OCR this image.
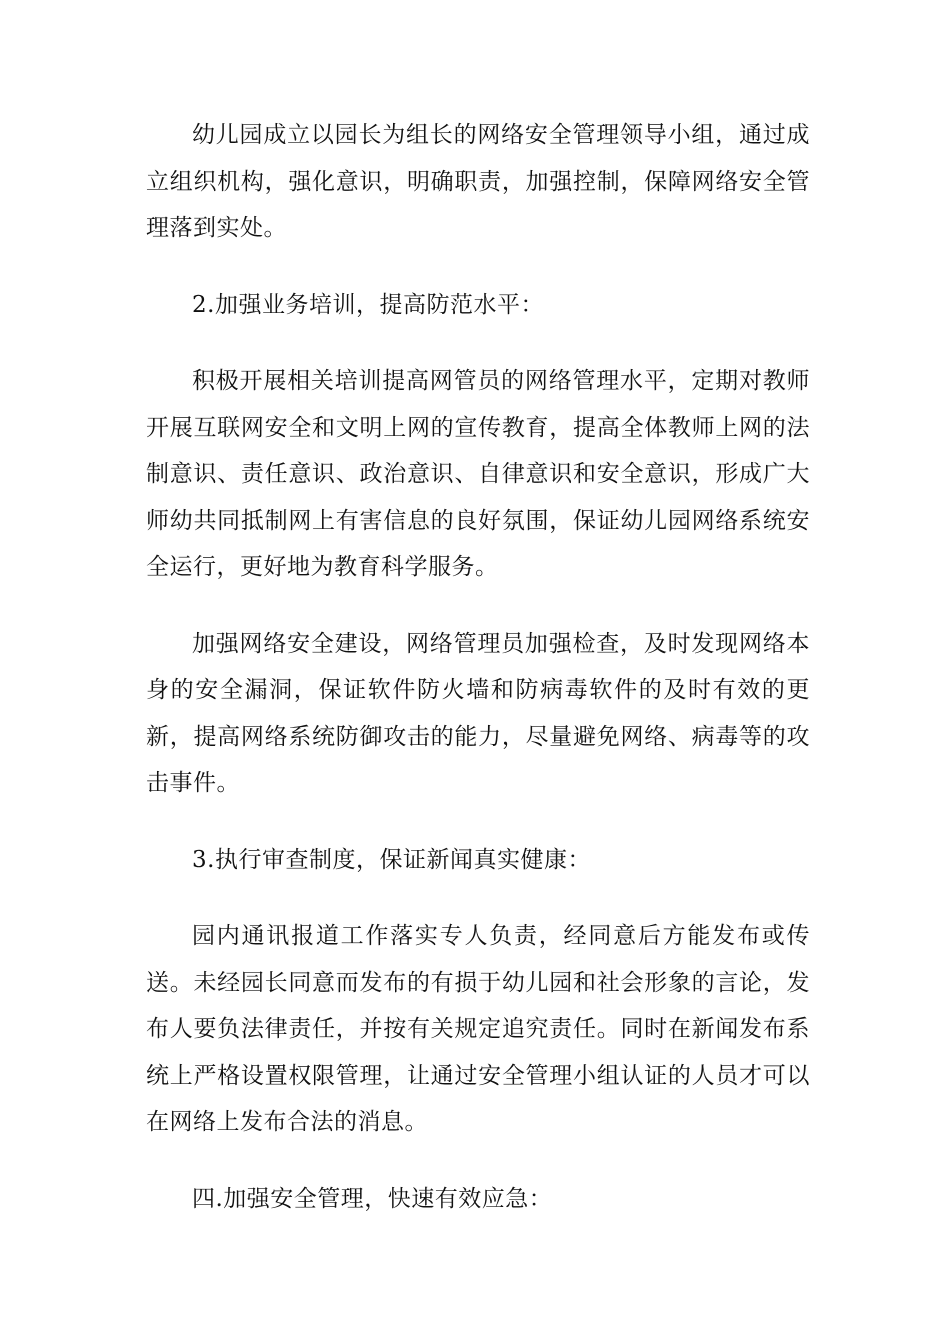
幼儿园成立以园长为组长的网络安全管理领导小组，通过成立组织机构，强化意识，明确职责，加强控制，保障网络安全管理落到实处。

2.加强业务培训，提高防范水平：

积极开展相关培训提高网管员的网络管理水平，定期对教师开展互联网安全和文明上网的宣传教育，提高全体教师上网的法制意识、责任意识、政治意识、自律意识和安全意识，形成广大师幼共同抵制网上有害信息的良好氛围，保证幼儿园网络系统安全运行，更好地为教育科学服务。

加强网络安全建设，网络管理员加强检查，及时发现网络本身的安全漏洞，保证软件防火墙和防病毒软件的及时有效的更新，提高网络系统防御攻击的能力，尽量避免网络、病毒等的攻击事件。

3.执行审查制度，保证新闻真实健康：

园内通讯报道工作落实专人负责，经同意后方能发布或传送。未经园长同意而发布的有损于幼儿园和社会形象的言论，发布人要负法律责任，并按有关规定追究责任。同时在新闻发布系统上严格设置权限管理，让通过安全管理小组认证的人员才可以在网络上发布合法的消息。

四.加强安全管理，快速有效应急：
